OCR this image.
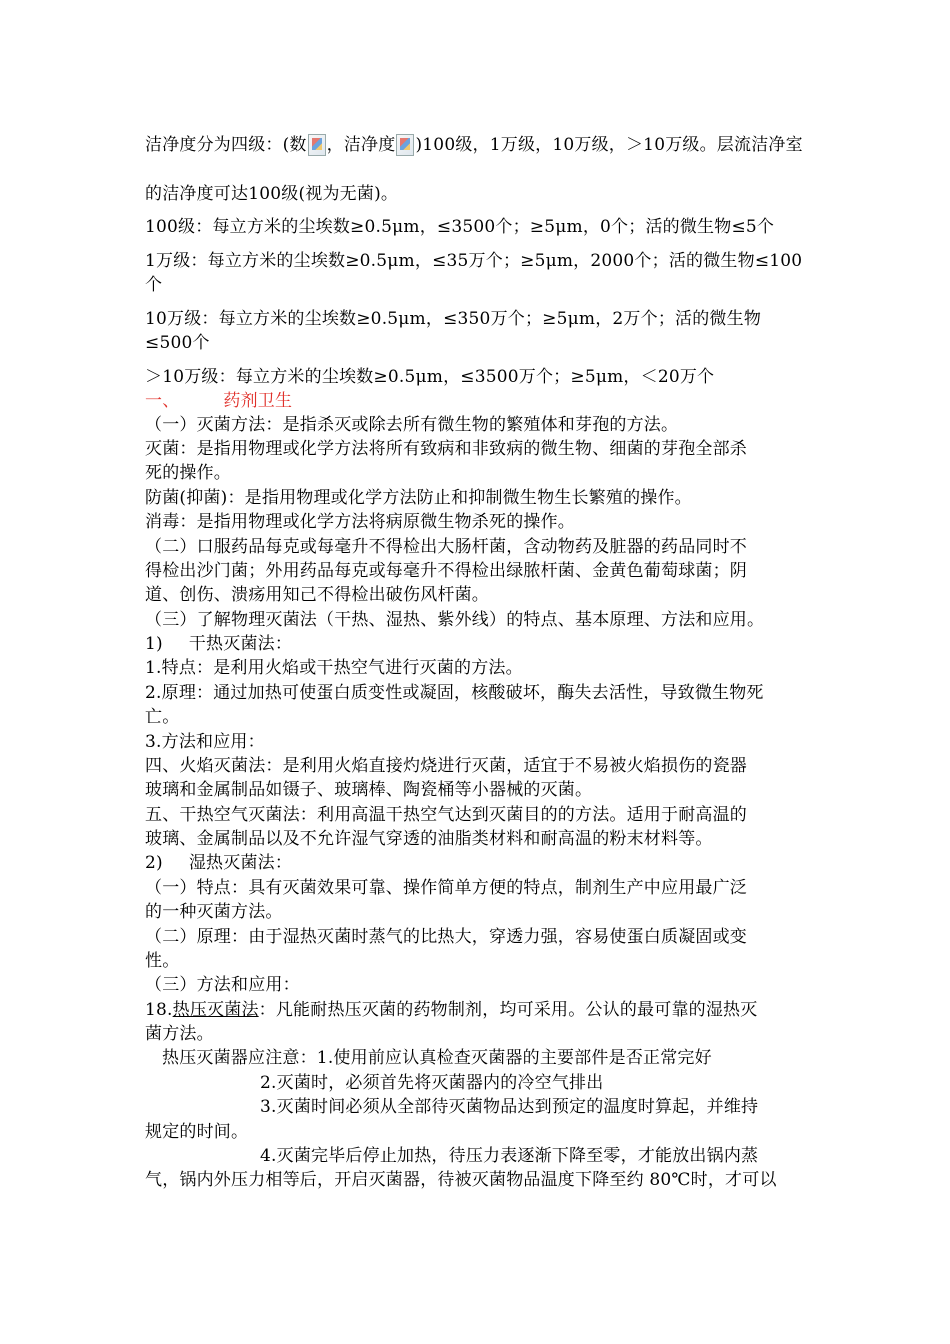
洁净度分为四级：(数 ，洁净度 )100级，1万级，10万级，＞10万级。层流洁净室
的洁净度可达100级(视为无菌)。
100级：每立方米的尘埃数≥0.5μm，≤3500个；≥5μm，0个；活的微生物≤5个
1万级：每立方米的尘埃数≥0.5μm，≤35万个；≥5μm，2000个；活的微生物≤100
个
10万级：每立方米的尘埃数≥0.5μm，≤350万个；≥5μm，2万个；活的微生物
≤500个
＞10万级：每立方米的尘埃数≥0.5μm，≤3500万个；≥5μm，＜20万个
一、	药剂卫生
（一）灭菌方法：是指杀灭或除去所有微生物的繁殖体和芽孢的方法。
灭菌：是指用物理或化学方法将所有致病和非致病的微生物、细菌的芽孢全部杀
死的操作。
防菌(抑菌)：是指用物理或化学方法防止和抑制微生物生长繁殖的操作。
消毒：是指用物理或化学方法将病原微生物杀死的操作。
（二）口服药品每克或每毫升不得检出大肠杆菌，含动物药及脏器的药品同时不
得检出沙门菌；外用药品每克或每毫升不得检出绿脓杆菌、金黄色葡萄球菌；阴
道、创伤、溃疡用知己不得检出破伤风杆菌。
（三）了解物理灭菌法（干热、湿热、紫外线）的特点、基本原理、方法和应用。
1) 干热灭菌法：
1.特点：是利用火焰或干热空气进行灭菌的方法。
2.原理：通过加热可使蛋白质变性或凝固，核酸破坏，酶失去活性，导致微生物死
亡。
3.方法和应用：
四、火焰灭菌法：是利用火焰直接灼烧进行灭菌，适宜于不易被火焰损伤的瓷器
玻璃和金属制品如镊子、玻璃棒、陶瓷桶等小器械的灭菌。
五、干热空气灭菌法：利用高温干热空气达到灭菌目的的方法。适用于耐高温的
玻璃、金属制品以及不允许湿气穿透的油脂类材料和耐高温的粉末材料等。
2) 湿热灭菌法：
（一）特点：具有灭菌效果可靠、操作简单方便的特点，制剂生产中应用最广泛
的一种灭菌方法。
（二）原理：由于湿热灭菌时蒸气的比热大，穿透力强，容易使蛋白质凝固或变
性。
（三）方法和应用：
18.热压灭菌法：凡能耐热压灭菌的药物制剂，均可采用。公认的最可靠的湿热灭
菌方法。
热压灭菌器应注意：1.使用前应认真检查灭菌器的主要部件是否正常完好
2.灭菌时，必须首先将灭菌器内的冷空气排出
3.灭菌时间必须从全部待灭菌物品达到预定的温度时算起，并维持
规定的时间。
4.灭菌完毕后停止加热，待压力表逐渐下降至零，才能放出锅内蒸
气，锅内外压力相等后，开启灭菌器，待被灭菌物品温度下降至约 80℃时，才可以
